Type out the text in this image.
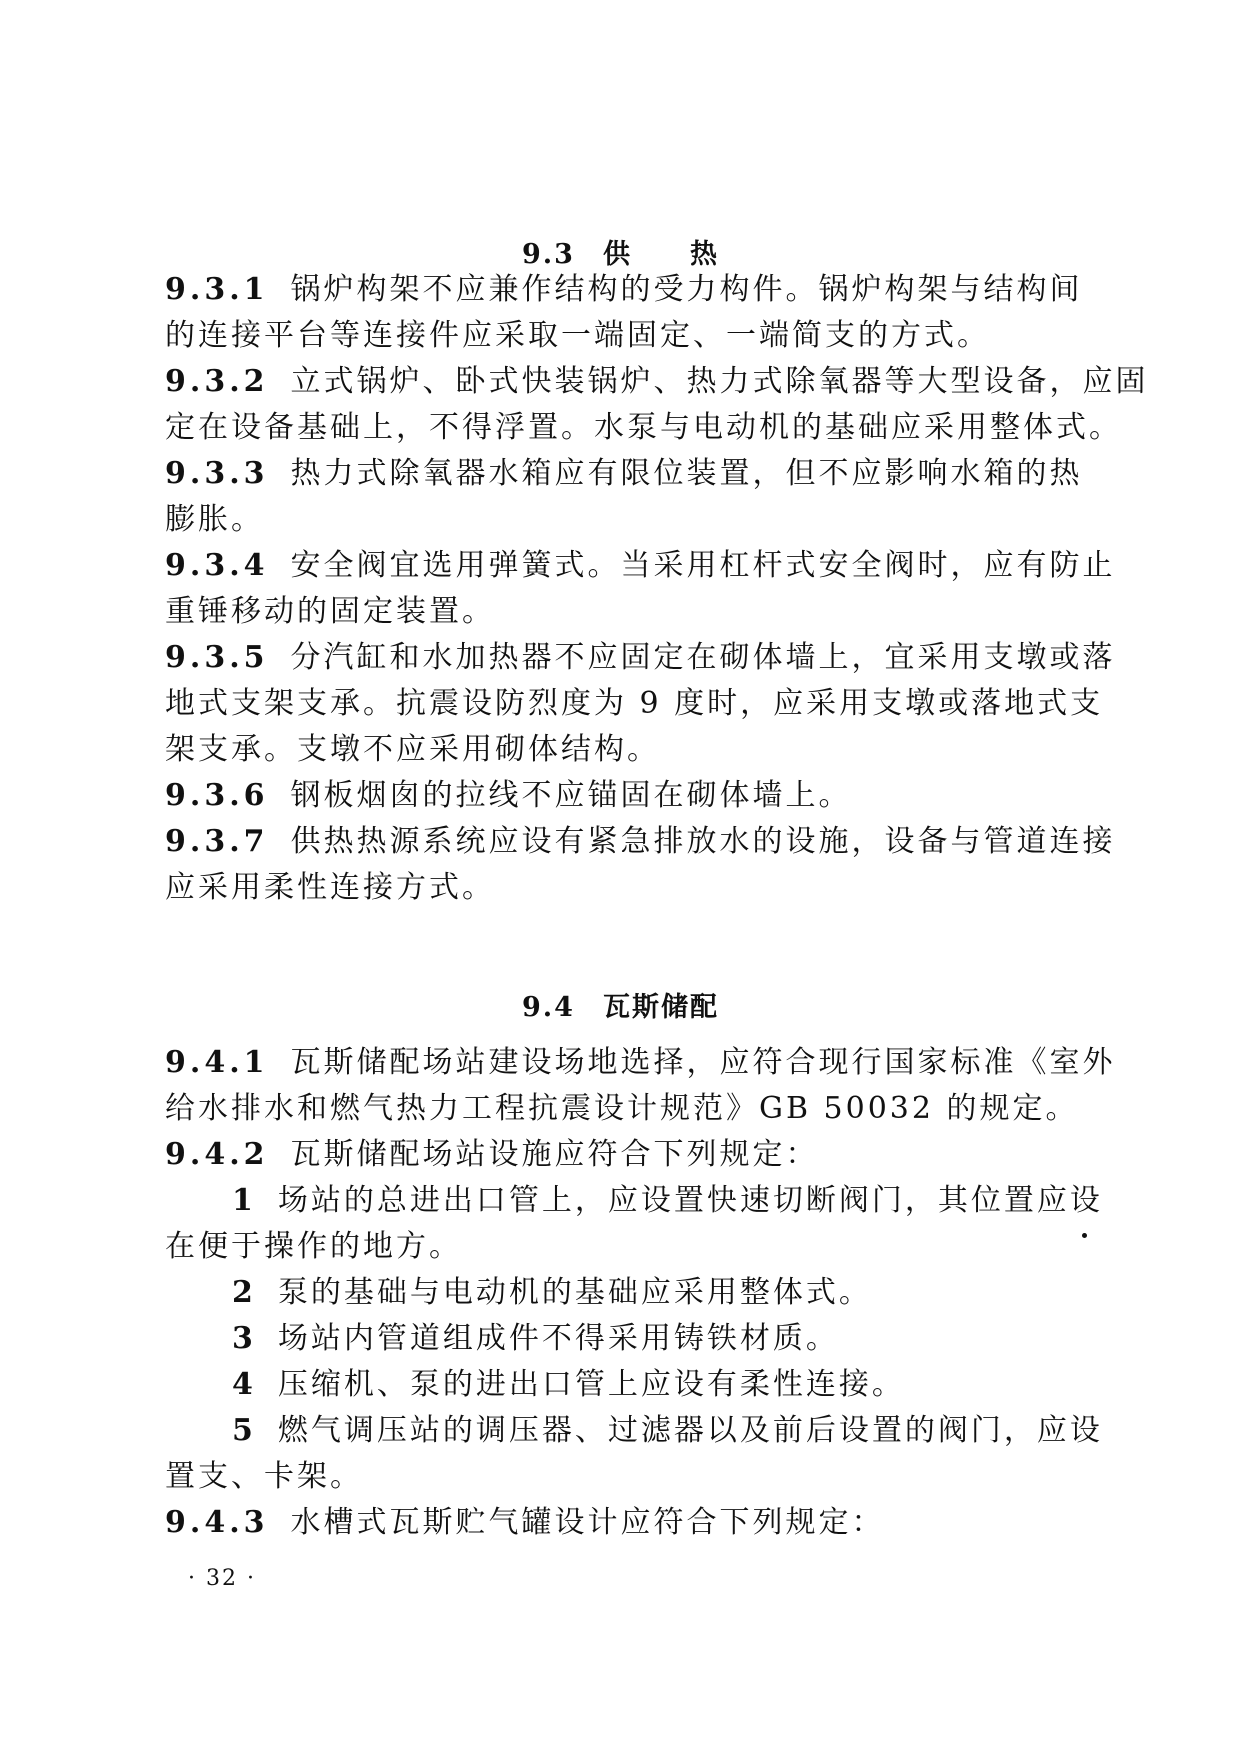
9.3 供　　热
9.3.1 锅炉构架不应兼作结构的受力构件。锅炉构架与结构间
的连接平台等连接件应采取一端固定、一端简支的方式。
9.3.2 立式锅炉、卧式快装锅炉、热力式除氧器等大型设备，应固
定在设备基础上，不得浮置。水泵与电动机的基础应采用整体式。
9.3.3 热力式除氧器水箱应有限位装置，但不应影响水箱的热
膨胀。
9.3.4 安全阀宜选用弹簧式。当采用杠杆式安全阀时，应有防止
重锤移动的固定装置。
9.3.5 分汽缸和水加热器不应固定在砌体墙上，宜采用支墩或落
地式支架支承。抗震设防烈度为 9 度时，应采用支墩或落地式支
架支承。支墩不应采用砌体结构。
9.3.6 钢板烟囱的拉线不应锚固在砌体墙上。
9.3.7 供热热源系统应设有紧急排放水的设施，设备与管道连接
应采用柔性连接方式。
9.4 瓦斯储配
9.4.1 瓦斯储配场站建设场地选择，应符合现行国家标准《室外
给水排水和燃气热力工程抗震设计规范》GB 50032 的规定。
9.4.2 瓦斯储配场站设施应符合下列规定：
1 场站的总进出口管上，应设置快速切断阀门，其位置应设
在便于操作的地方。
2 泵的基础与电动机的基础应采用整体式。
3 场站内管道组成件不得采用铸铁材质。
4 压缩机、泵的进出口管上应设有柔性连接。
5 燃气调压站的调压器、过滤器以及前后设置的阀门，应设
置支、卡架。
9.4.3 水槽式瓦斯贮气罐设计应符合下列规定：
· 32 ·
